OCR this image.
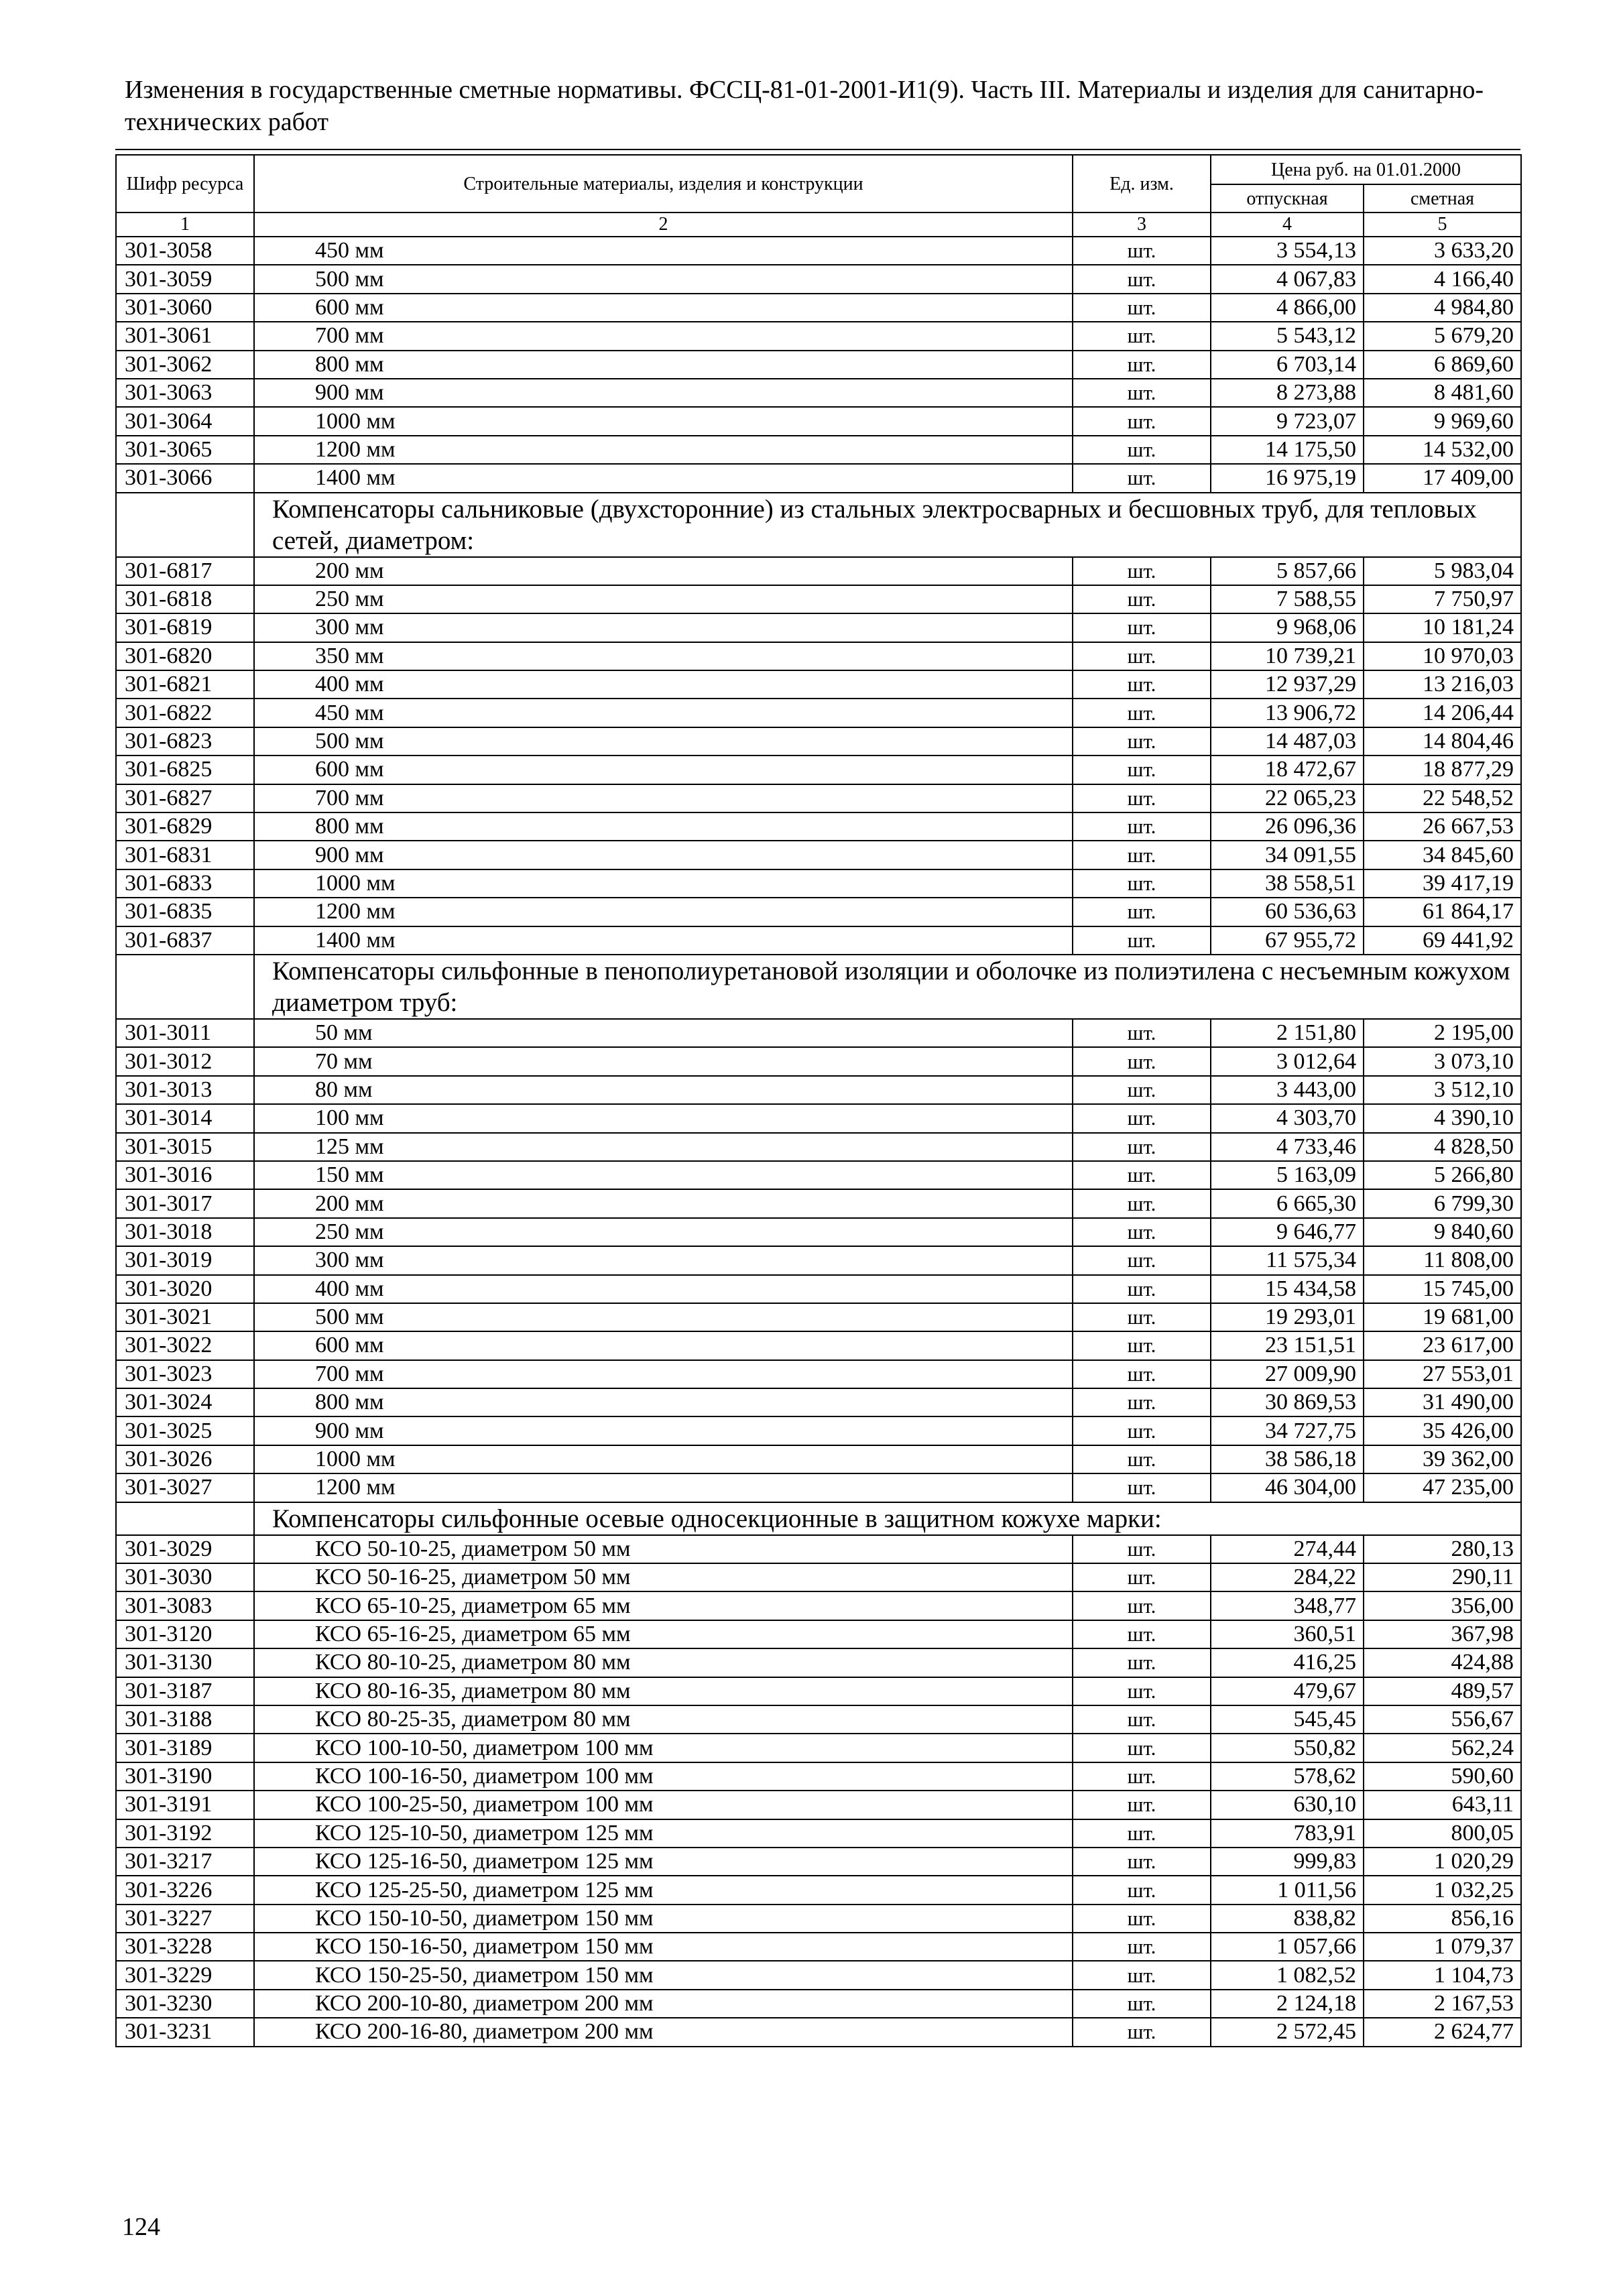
Изменения в государственные сметные нормативы. ФССЦ-81-01-2001-И1(9). Часть III. Материалы и изделия для санитарно-технических работ
Шифр ресурса	Строительные материалы, изделия и конструкции	Ед. изм.	Цена руб. на 01.01.2000	
			отпускная	сметная
1	2	3	4	5
301-3058	450 мм	шт.	3 554,13	3 633,20
301-3059	500 мм	шт.	4 067,83	4 166,40
301-3060	600 мм	шт.	4 866,00	4 984,80
301-3061	700 мм	шт.	5 543,12	5 679,20
301-3062	800 мм	шт.	6 703,14	6 869,60
301-3063	900 мм	шт.	8 273,88	8 481,60
301-3064	1000 мм	шт.	9 723,07	9 969,60
301-3065	1200 мм	шт.	14 175,50	14 532,00
301-3066	1400 мм	шт.	16 975,19	17 409,00
	Компенсаторы сальниковые (двухсторонние) из стальных электросварных и бесшовных труб, для тепловых сетей, диаметром:			
301-6817	200 мм	шт.	5 857,66	5 983,04
301-6818	250 мм	шт.	7 588,55	7 750,97
301-6819	300 мм	шт.	9 968,06	10 181,24
301-6820	350 мм	шт.	10 739,21	10 970,03
301-6821	400 мм	шт.	12 937,29	13 216,03
301-6822	450 мм	шт.	13 906,72	14 206,44
301-6823	500 мм	шт.	14 487,03	14 804,46
301-6825	600 мм	шт.	18 472,67	18 877,29
301-6827	700 мм	шт.	22 065,23	22 548,52
301-6829	800 мм	шт.	26 096,36	26 667,53
301-6831	900 мм	шт.	34 091,55	34 845,60
301-6833	1000 мм	шт.	38 558,51	39 417,19
301-6835	1200 мм	шт.	60 536,63	61 864,17
301-6837	1400 мм	шт.	67 955,72	69 441,92
	Компенсаторы сильфонные в пенополиуретановой изоляции и оболочке из полиэтилена с несъемным кожухом диаметром труб:			
301-3011	50 мм	шт.	2 151,80	2 195,00
301-3012	70 мм	шт.	3 012,64	3 073,10
301-3013	80 мм	шт.	3 443,00	3 512,10
301-3014	100 мм	шт.	4 303,70	4 390,10
301-3015	125 мм	шт.	4 733,46	4 828,50
301-3016	150 мм	шт.	5 163,09	5 266,80
301-3017	200 мм	шт.	6 665,30	6 799,30
301-3018	250 мм	шт.	9 646,77	9 840,60
301-3019	300 мм	шт.	11 575,34	11 808,00
301-3020	400 мм	шт.	15 434,58	15 745,00
301-3021	500 мм	шт.	19 293,01	19 681,00
301-3022	600 мм	шт.	23 151,51	23 617,00
301-3023	700 мм	шт.	27 009,90	27 553,01
301-3024	800 мм	шт.	30 869,53	31 490,00
301-3025	900 мм	шт.	34 727,75	35 426,00
301-3026	1000 мм	шт.	38 586,18	39 362,00
301-3027	1200 мм	шт.	46 304,00	47 235,00
	Компенсаторы сильфонные осевые односекционные в защитном кожухе марки:			
301-3029	КСО 50-10-25, диаметром 50 мм	шт.	274,44	280,13
301-3030	КСО 50-16-25, диаметром 50 мм	шт.	284,22	290,11
301-3083	КСО 65-10-25, диаметром 65 мм	шт.	348,77	356,00
301-3120	КСО 65-16-25, диаметром 65 мм	шт.	360,51	367,98
301-3130	КСО 80-10-25, диаметром 80 мм	шт.	416,25	424,88
301-3187	КСО 80-16-35, диаметром 80 мм	шт.	479,67	489,57
301-3188	КСО 80-25-35, диаметром 80 мм	шт.	545,45	556,67
301-3189	КСО 100-10-50, диаметром 100 мм	шт.	550,82	562,24
301-3190	КСО 100-16-50, диаметром 100 мм	шт.	578,62	590,60
301-3191	КСО 100-25-50, диаметром 100 мм	шт.	630,10	643,11
301-3192	КСО 125-10-50, диаметром 125 мм	шт.	783,91	800,05
301-3217	КСО 125-16-50, диаметром 125 мм	шт.	999,83	1 020,29
301-3226	КСО 125-25-50, диаметром 125 мм	шт.	1 011,56	1 032,25
301-3227	КСО 150-10-50, диаметром 150 мм	шт.	838,82	856,16
301-3228	КСО 150-16-50, диаметром 150 мм	шт.	1 057,66	1 079,37
301-3229	КСО 150-25-50, диаметром 150 мм	шт.	1 082,52	1 104,73
301-3230	КСО 200-10-80, диаметром 200 мм	шт.	2 124,18	2 167,53
301-3231	КСО 200-16-80, диаметром 200 мм	шт.	2 572,45	2 624,77
124
